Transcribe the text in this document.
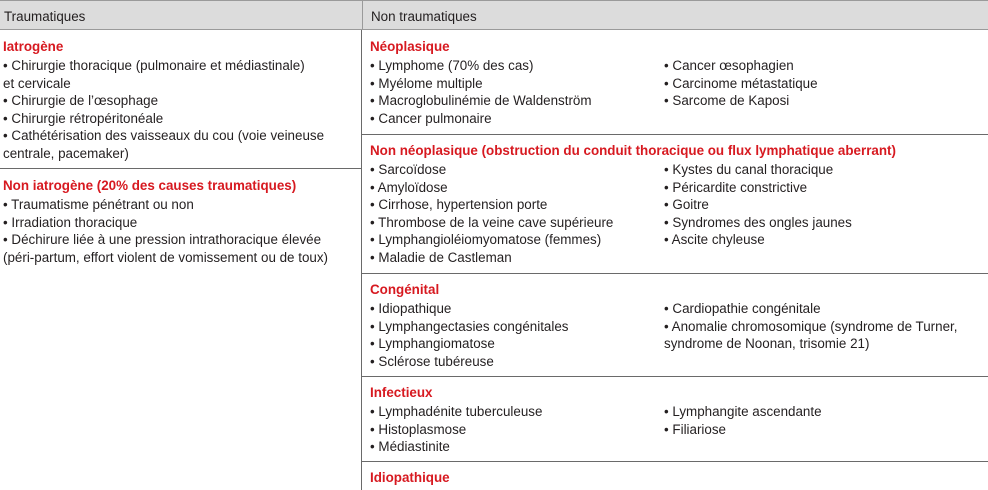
Traumatiques	Non traumatiques
Iatrogène
• Chirurgie thoracique (pulmonaire et médiastinale)
et cervicale
• Chirurgie de l’œsophage
• Chirurgie rétropéritonéale
• Cathétérisation des vaisseaux du cou (voie veineuse
centrale, pacemaker)
Non iatrogène (20% des causes traumatiques)
• Traumatisme pénétrant ou non
• Irradiation thoracique
• Déchirure liée à une pression intrathoracique élevée
(péri-partum, effort violent de vomissement ou de toux)
Néoplasique
• Lymphome (70% des cas)
• Myélome multiple
• Macroglobulinémie de Waldenström
• Cancer pulmonaire
• Cancer œsophagien
• Carcinome métastatique
• Sarcome de Kaposi
Non néoplasique (obstruction du conduit thoracique ou flux lymphatique aberrant)
• Sarcoïdose
• Amyloïdose
• Cirrhose, hypertension porte
• Thrombose de la veine cave supérieure
• Lymphangioléiomyomatose (femmes)
• Maladie de Castleman
• Kystes du canal thoracique
• Péricardite constrictive
• Goitre
• Syndromes des ongles jaunes
• Ascite chyleuse
Congénital
• Idiopathique
• Lymphangectasies congénitales
• Lymphangiomatose
• Sclérose tubéreuse
• Cardiopathie congénitale
• Anomalie chromosomique (syndrome de Turner,
syndrome de Noonan, trisomie 21)
Infectieux
• Lymphadénite tuberculeuse
• Histoplasmose
• Médiastinite
• Lymphangite ascendante
• Filiariose
Idiopathique
